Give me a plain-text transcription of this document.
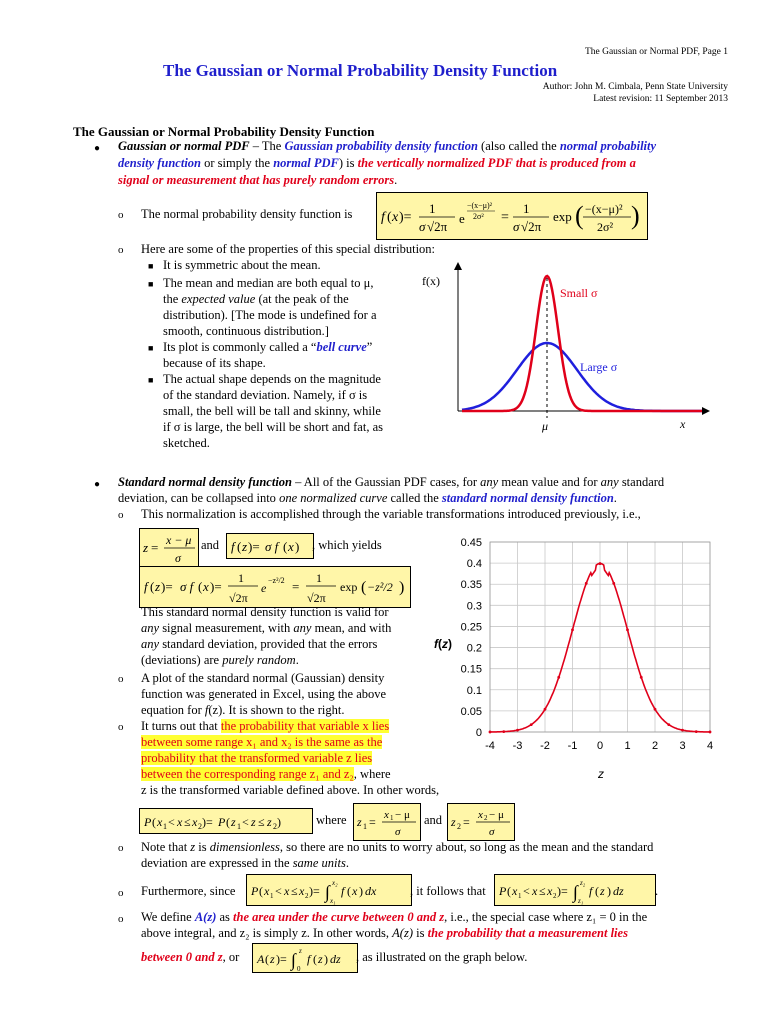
The Gaussian or Normal PDF, Page 1
The Gaussian or Normal Probability Density Function
Author: John M. Cimbala, Penn State University
Latest revision: 11 September 2013
The Gaussian or Normal Probability Density Function
● Gaussian or normal PDF – The Gaussian probability density function (also called the normal probability
density function or simply the normal PDF) is the vertically normalized PDF that is produced from a
signal or measurement that has purely random errors.
o The normal probability density function is f ( x )=
1
σ √2π
e
−(x−μ)²
2σ² =
1
σ √2π
exp ( −(x−μ)²
2σ² )
o Here are some of the properties of this special distribution:
■ It is symmetric about the mean.
■ The mean and median are both equal to μ,
the expected value (at the peak of the
distribution). [The mode is undefined for a
smooth, continuous distribution.]
■ Its plot is commonly called a “bell curve”
because of its shape.
■ The actual shape depends on the magnitude
of the standard deviation. Namely, if σ is
small, the bell will be tall and skinny, while
if σ is large, the bell will be short and fat, as
sketched.
f(x)
x
μ
Small σ
Large σ
● Standard normal density function – All of the Gaussian PDF cases, for any mean value and for any standard
deviation, can be collapsed into one normalized curve called the standard normal density function.
o This normalization is accomplished through the variable transformations introduced previously, i.e.,
z = x − μ
σ
and f ( z )= σ f ( x ) , which yields
f ( z )= σ f ( x )=
1
√2π
e
−z²/2 =
1
√2π
exp ( −z²/2 )
This standard normal density function is valid for
any signal measurement, with any mean, and with
any standard deviation, provided that the errors
(deviations) are purely random.
o A plot of the standard normal (Gaussian) density
function was generated in Excel, using the above
equation for f(z). It is shown to the right.
o It turns out that the probability that variable x lies
between some range x₁ and x₂ is the same as the
probability that the transformed variable z lies
between the corresponding range z₁ and z₂, where
z is the transformed variable defined above. In other words,
P ( x 1 < x ≤ x 2 )= P ( z 1 < z ≤ z 2 )	where z 1 = x 1 − μ
σ
and z 2 = x 2 − μ
σ
o Note that z is dimensionless, so there are no units to worry about, so long as the mean and the standard
deviation are expressed in the same units.
o Furthermore, since P ( x 1 < x ≤ x 2 )= ∫ x₂
x₁
f ( x ) dx	, it follows that P ( x 1 < x ≤ x 2 )= ∫ z₂
z₁
f ( z ) dz	.
o We define A(z) as the area under the curve between 0 and z, i.e., the special case where z₁ = 0 in the
above integral, and z₂ is simply z. In other words, A(z) is the probability that a measurement lies
between 0 and z, or A ( z )= ∫ z
0
f ( z ) dz , as illustrated on the graph below.
0
0.05
0.1
0.15
0.2
0.25
0.3
0.35
0.4
0.45
-4 -3 -2 -1 0 1 2 3 4
f(z)
z
